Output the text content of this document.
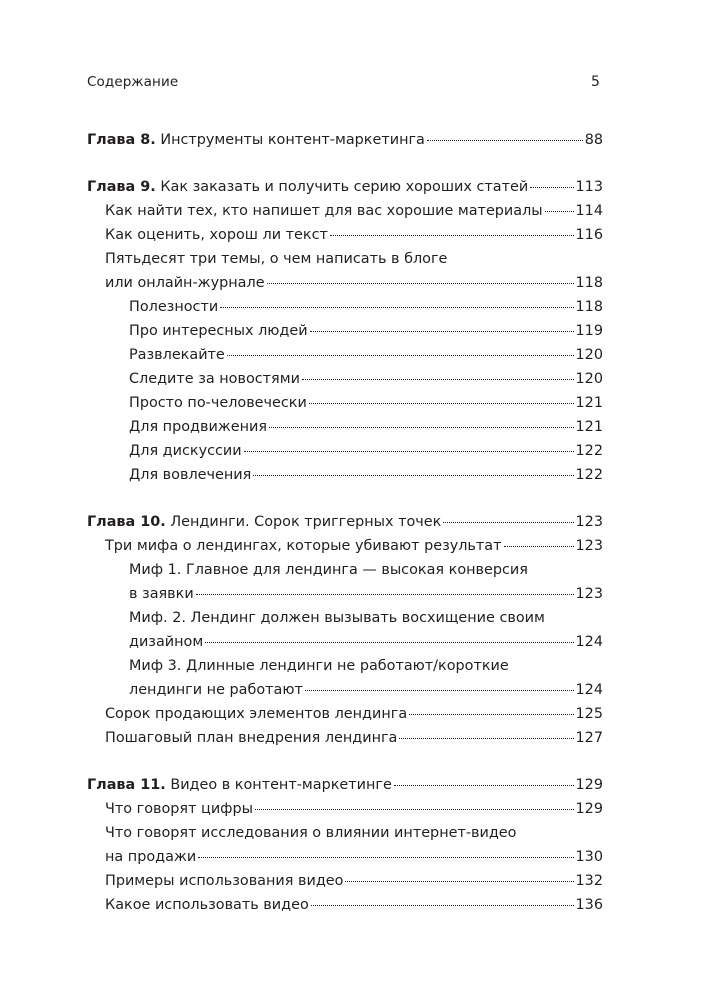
Содержание	5
Глава 8.
Инструменты контент-маркетинга	88
Глава 9.
Как заказать и получить серию хороших статей	113
Как найти тех, кто напишет для вас хорошие материалы 114
Как оценить, хорош ли текст	116
Пятьдесят три темы, о чем написать в блоге
или онлайн-журнале	118
Полезности	118
Про интересных людей	119
Развлекайте	120
Следите за новостями	120
Просто по-человечески	121
Для продвижения	121
Для дискуссии	122
Для вовлечения	122
Глава 10.
Лендинги. Сорок триггерных точек	123
Три мифа о лендингах, которые убивают результат	123
Миф 1. Главное для лендинга — высокая конверсия
в заявки	123
Миф. 2. Лендинг должен вызывать восхищение своим
дизайном	124
Миф 3. Длинные лендинги не работают/короткие
лендинги не работают	124
Сорок продающих элементов лендинга	125
Пошаговый план внедрения лендинга	127
Глава 11.
Видео в контент-маркетинге	129
Что говорят цифры	129
Что говорят исследования о влиянии интернет-видео
на продажи	130
Примеры использования видео	132
Какое использовать видео	136
